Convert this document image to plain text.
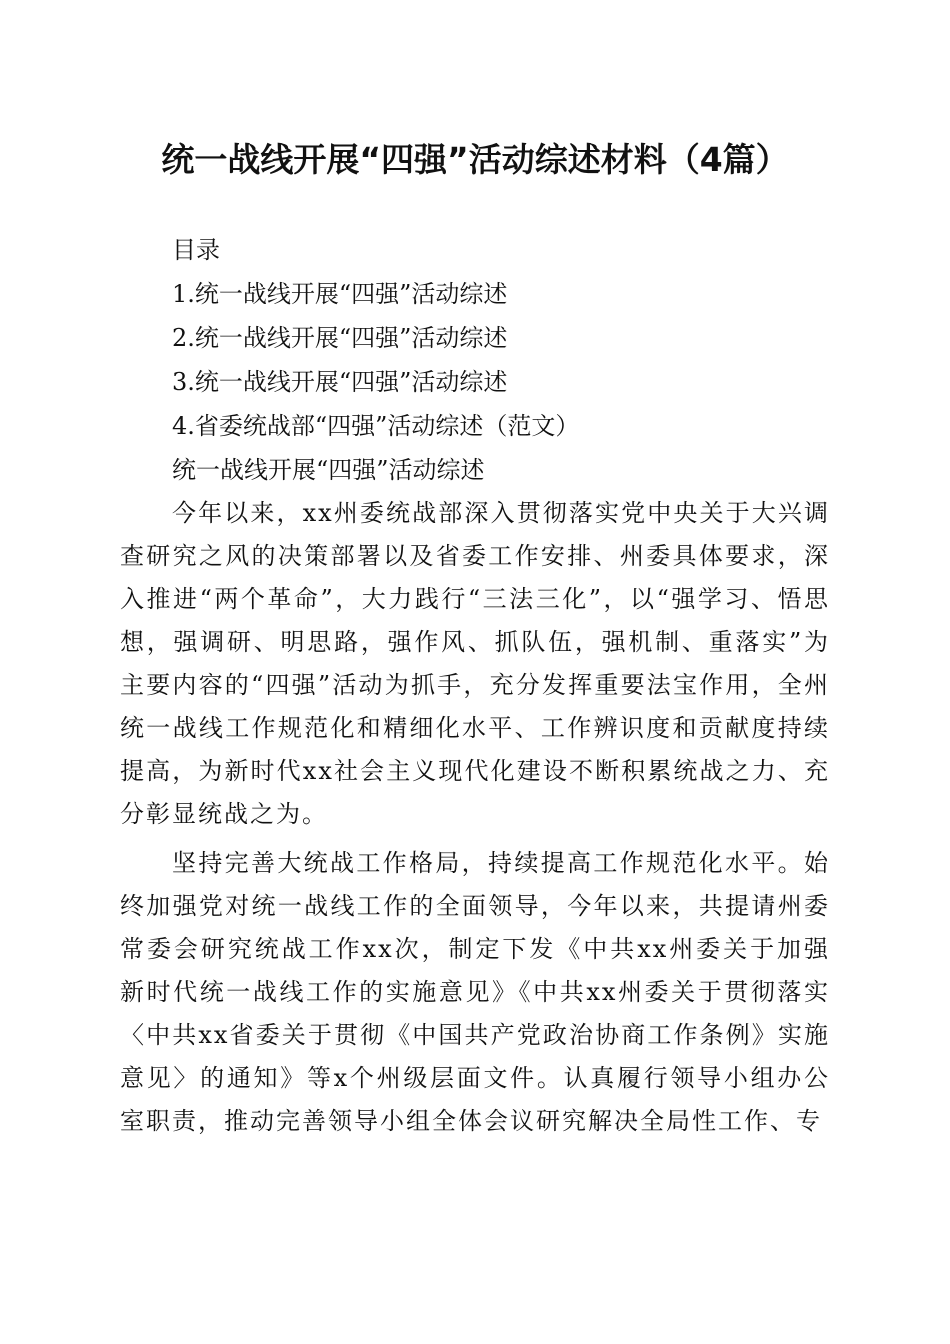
统一战线开展“四强”活动综述材料（4篇）

目录

1.统一战线开展“四强”活动综述

2.统一战线开展“四强”活动综述

3.统一战线开展“四强”活动综述

4.省委统战部“四强”活动综述（范文）

统一战线开展“四强”活动综述

今年以来，xx州委统战部深入贯彻落实党中央关于大兴调查研究之风的决策部署以及省委工作安排、州委具体要求，深入推进“两个革命”，大力践行“三法三化”，以“强学习、悟思想，强调研、明思路，强作风、抓队伍，强机制、重落实”为主要内容的“四强”活动为抓手，充分发挥重要法宝作用，全州统一战线工作规范化和精细化水平、工作辨识度和贡献度持续提高，为新时代xx社会主义现代化建设不断积累统战之力、充分彰显统战之为。

坚持完善大统战工作格局，持续提高工作规范化水平。始终加强党对统一战线工作的全面领导，今年以来，共提请州委常委会研究统战工作xx次，制定下发《中共xx州委关于加强新时代统一战线工作的实施意见》《中共xx州委关于贯彻落实〈中共xx省委关于贯彻《中国共产党政治协商工作条例》实施意见〉的通知》等x个州级层面文件。认真履行领导小组办公室职责，推动完善领导小组全体会议研究解决全局性工作、专
